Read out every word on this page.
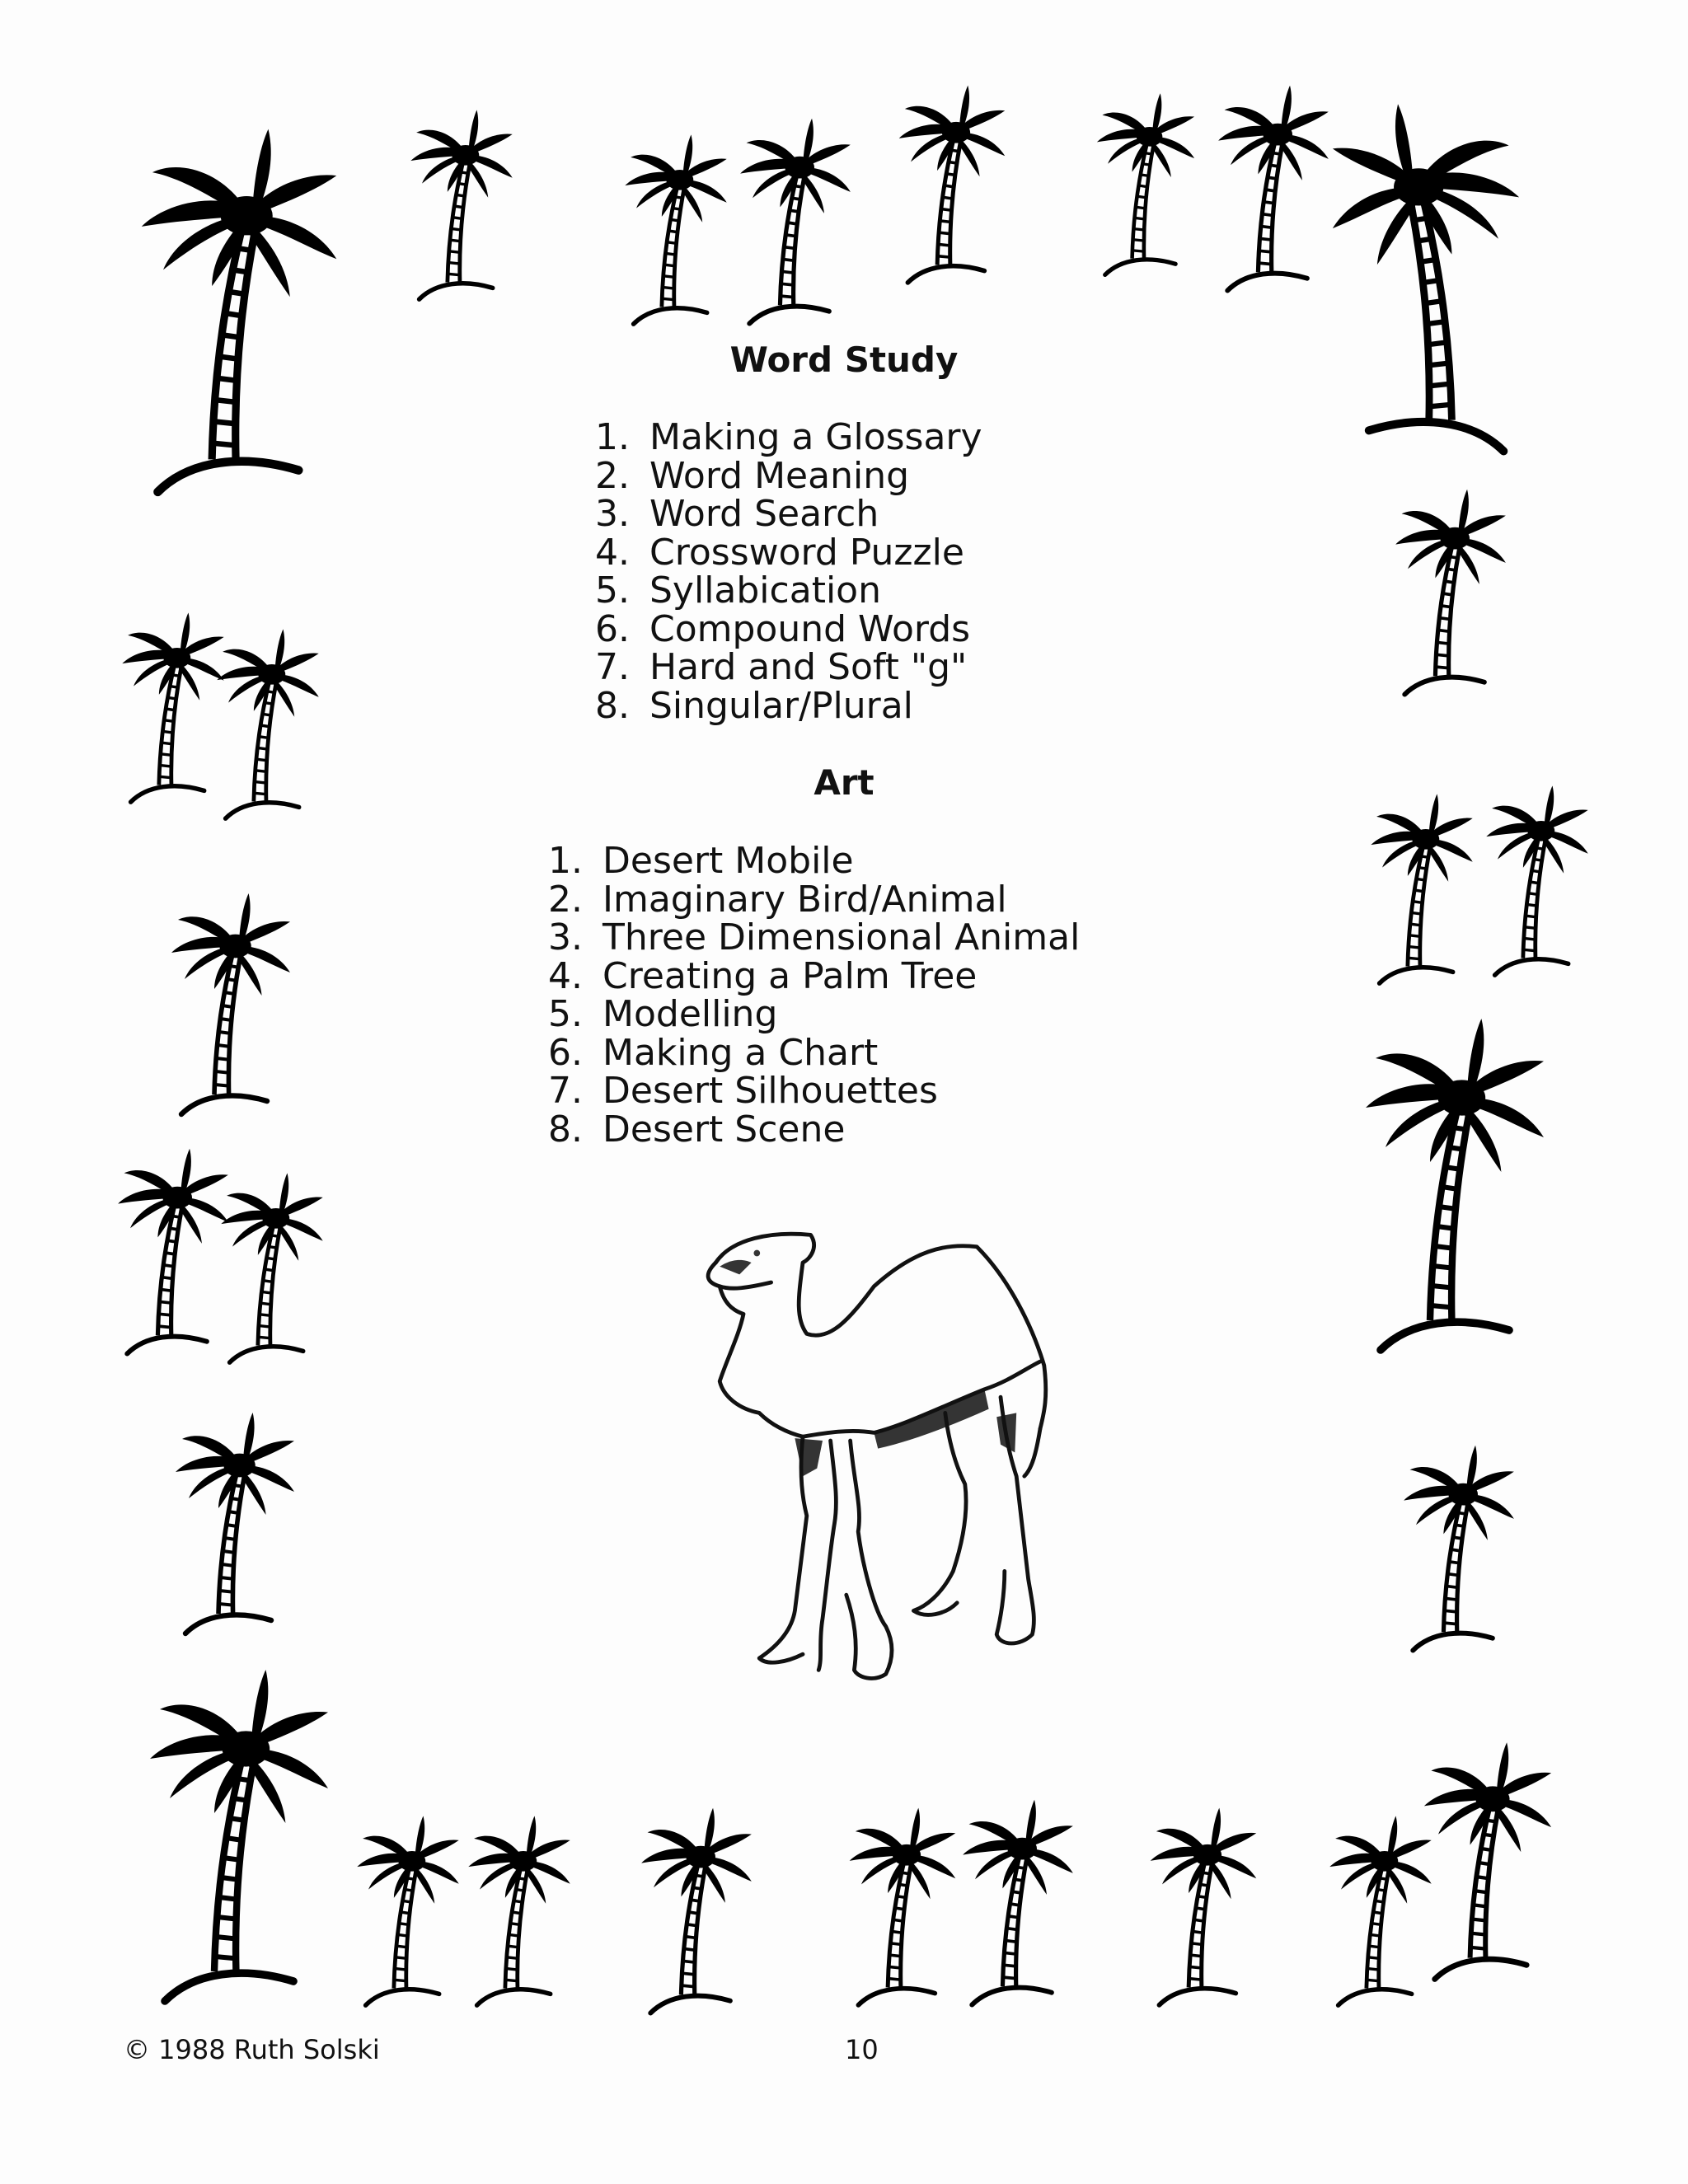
Word Study
1. Making a Glossary
2. Word Meaning
3. Word Search
4. Crossword Puzzle
5. Syllabication
6. Compound Words
7. Hard and Soft "g"
8. Singular/Plural
Art
1. Desert Mobile
2. Imaginary Bird/Animal
3. Three Dimensional Animal
4. Creating a Palm Tree
5. Modelling
6. Making a Chart
7. Desert Silhouettes
8. Desert Scene
© 1988 Ruth Solski	10
